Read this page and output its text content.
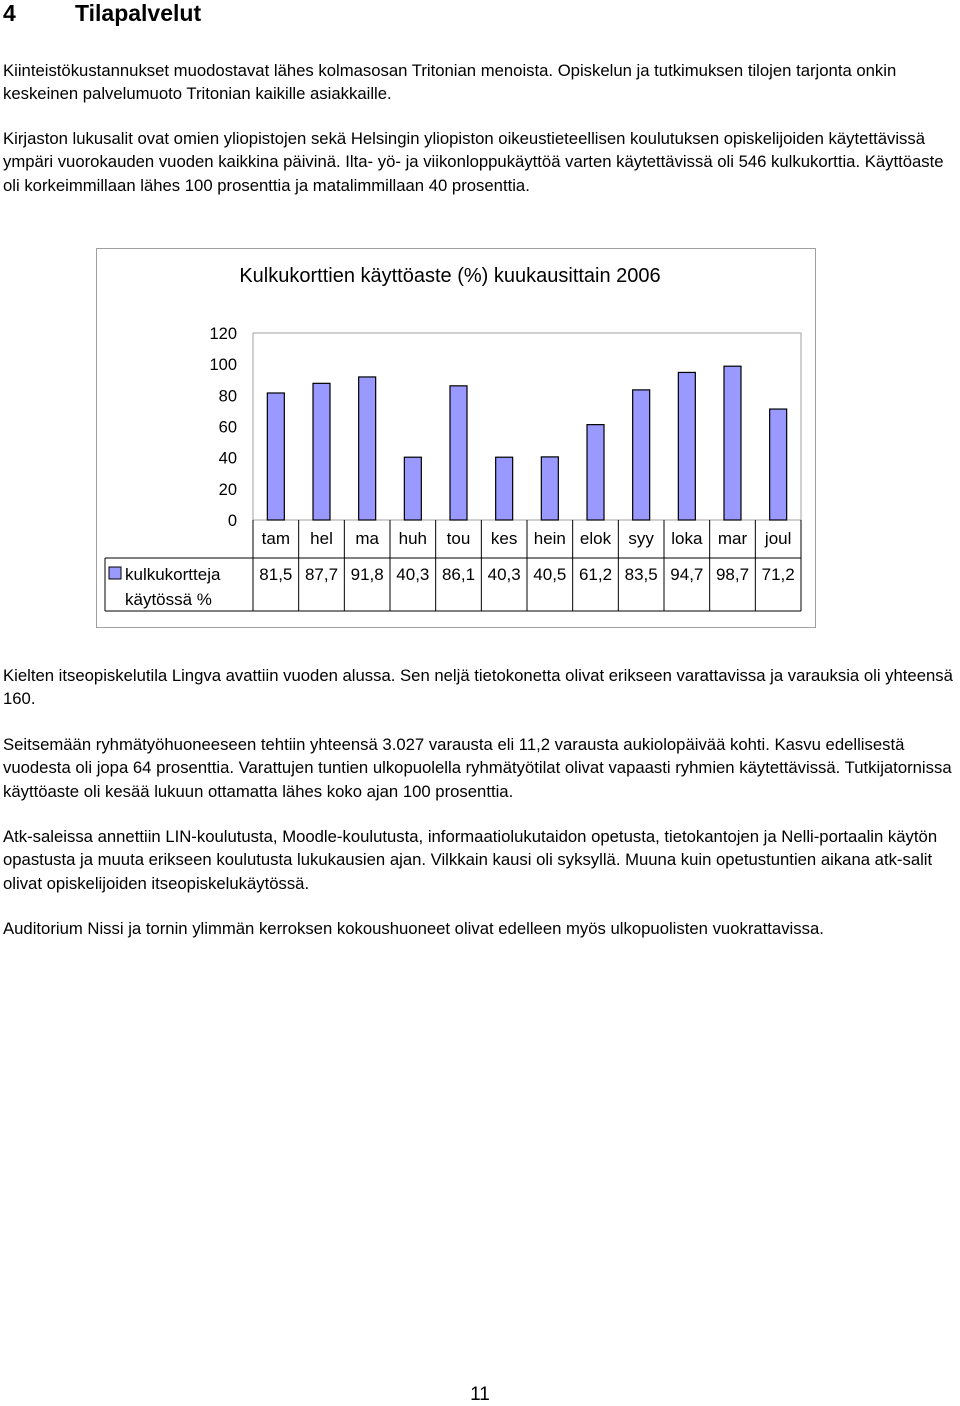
4	Tilapalvelut

Kiinteistökustannukset muodostavat lähes kolmasosan Tritonian menoista. Opiskelun ja tutkimuksen tilojen tarjonta onkin keskeinen palvelumuoto Tritonian kaikille asiakkaille.

Kirjaston lukusalit ovat omien yliopistojen sekä Helsingin yliopiston oikeustieteellisen koulutuksen opiskelijoiden käytettävissä ympäri vuorokauden vuoden kaikkina päivinä. Ilta- yö- ja viikonloppukäyttöä varten käytettävissä oli 546 kulkukorttia. Käyttöaste oli korkeimmillaan lähes 100 prosenttia ja matalimmillaan 40 prosenttia.

Kulkukorttien käyttöaste (%) kuukausittain 2006
0
20
40
60
80
100
120
tam
81,5
hel
87,7
ma
91,8
huh
40,3
tou
86,1
kes
40,3
hein
40,5
elok
61,2
syy
83,5
loka
94,7
mar
98,7
joul
71,2
kulkukortteja
käytössä %

Kielten itseopiskelutila Lingva avattiin vuoden alussa. Sen neljä tietokonetta olivat erikseen varattavissa ja varauksia oli yhteensä 160.

Seitsemään ryhmätyöhuoneeseen tehtiin yhteensä 3.027 varausta eli 11,2 varausta aukiolopäivää kohti. Kasvu edellisestä vuodesta oli jopa 64 prosenttia. Varattujen tuntien ulkopuolella ryhmätyötilat olivat vapaasti ryhmien käytettävissä. Tutkijatornissa käyttöaste oli kesää lukuun ottamatta lähes koko ajan 100 prosenttia.

Atk-saleissa annettiin LIN-koulutusta, Moodle-koulutusta, informaatiolukutaidon opetusta, tietokantojen ja Nelli-portaalin käytön opastusta ja muuta erikseen koulutusta lukukausien ajan. Vilkkain kausi oli syksyllä. Muuna kuin opetustuntien aikana atk-salit olivat opiskelijoiden itseopiskelukäytössä.

Auditorium Nissi ja tornin ylimmän kerroksen kokoushuoneet olivat edelleen myös ulkopuolisten vuokrattavissa.

11
